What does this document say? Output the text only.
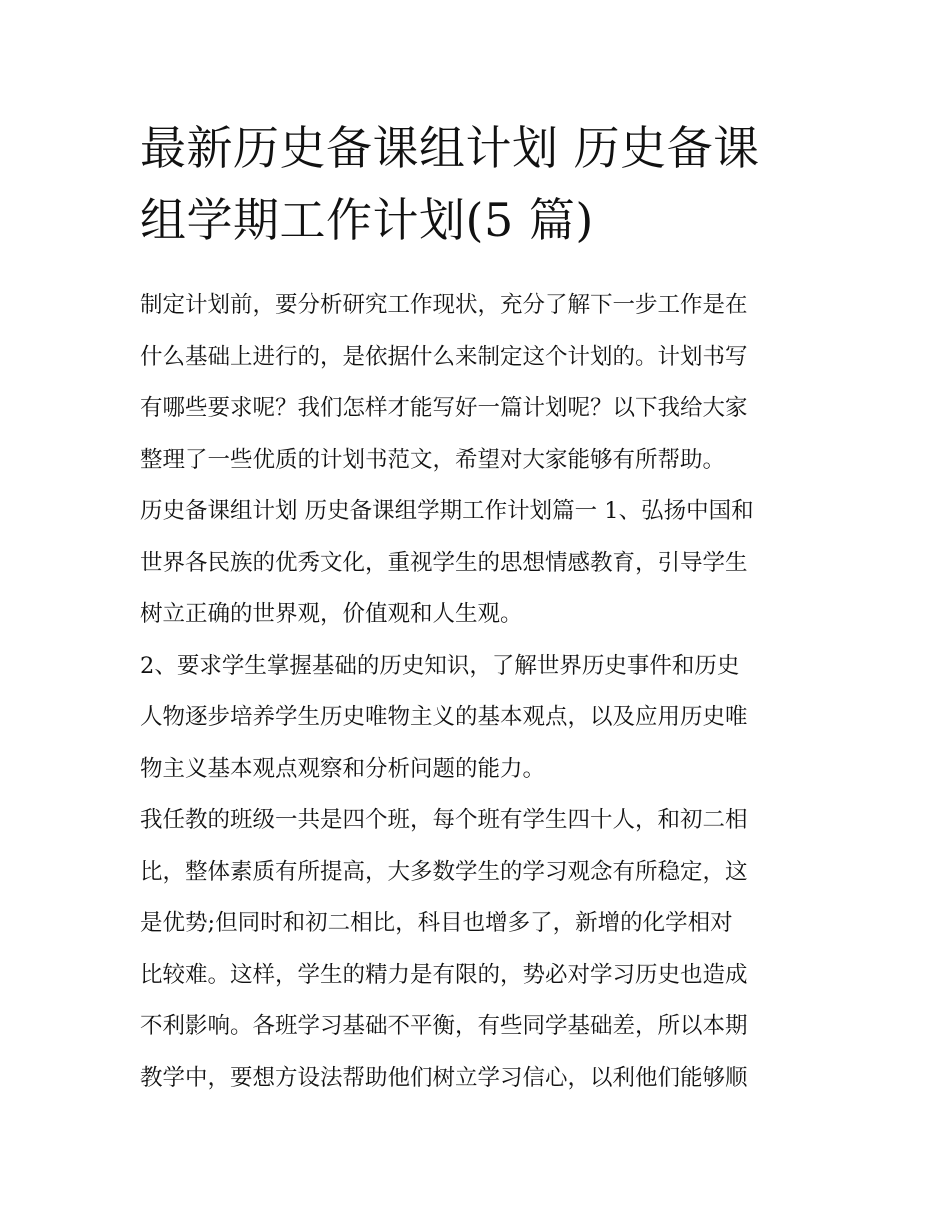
最新历史备课组计划 历史备课
组学期工作计划(5 篇)

制定计划前，要分析研究工作现状，充分了解下一步工作是在
什么基础上进行的，是依据什么来制定这个计划的。计划书写
有哪些要求呢？我们怎样才能写好一篇计划呢？以下我给大家
整理了一些优质的计划书范文，希望对大家能够有所帮助。

历史备课组计划 历史备课组学期工作计划篇一 1、弘扬中国和
世界各民族的优秀文化，重视学生的思想情感教育，引导学生
树立正确的世界观，价值观和人生观。

2、要求学生掌握基础的历史知识，了解世界历史事件和历史
人物逐步培养学生历史唯物主义的基本观点，以及应用历史唯
物主义基本观点观察和分析问题的能力。

我任教的班级一共是四个班，每个班有学生四十人，和初二相
比，整体素质有所提高，大多数学生的学习观念有所稳定，这
是优势;但同时和初二相比，科目也增多了，新增的化学相对
比较难。这样，学生的精力是有限的，势必对学习历史也造成
不利影响。各班学习基础不平衡，有些同学基础差，所以本期
教学中，要想方设法帮助他们树立学习信心，以利他们能够顺
